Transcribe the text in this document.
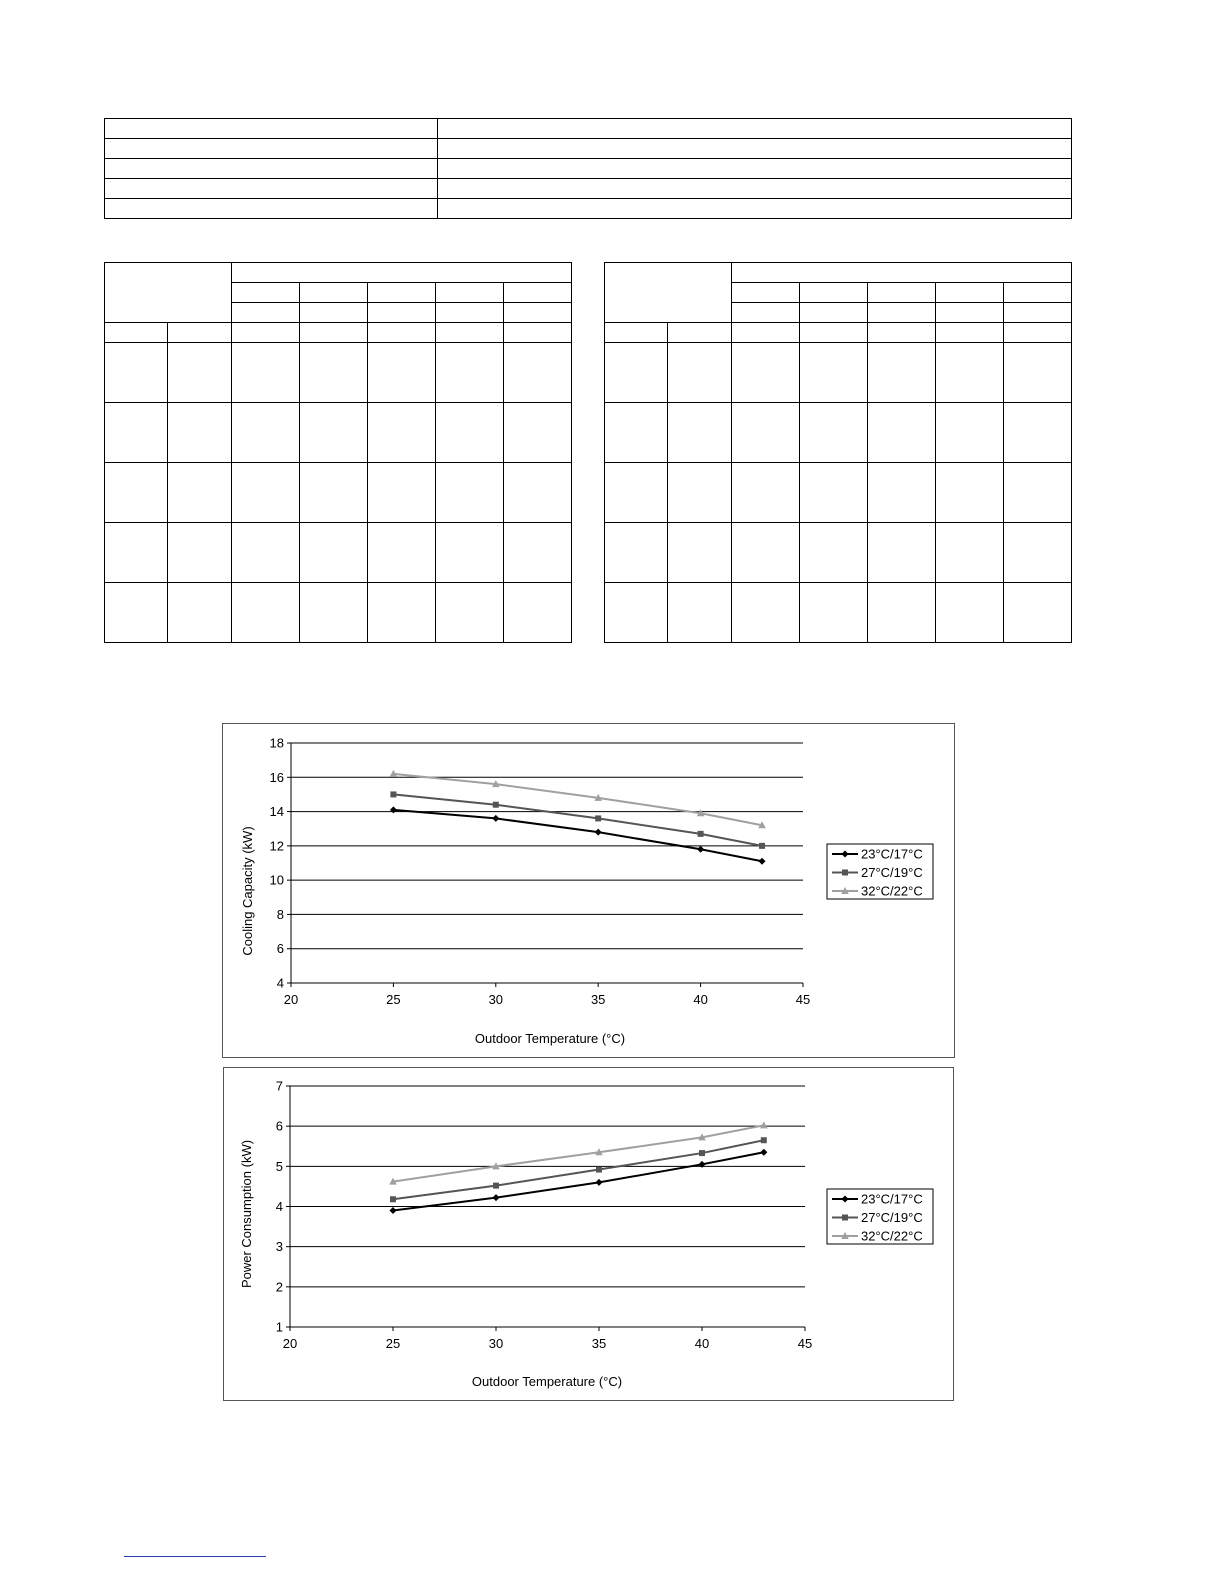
Cooling Capacity (kW)
Outdoor Temperature (°C)
4
6
8
10
12
14
16
18
20	25	30	35	40	45
23°C/17°C
27°C/19°C
32°C/22°C
Power Consumption (kW)
Outdoor Temperature (°C)
1
2
3
4
5
6
7
20	25	30	35	40	45
23°C/17°C
27°C/19°C
32°C/22°C
